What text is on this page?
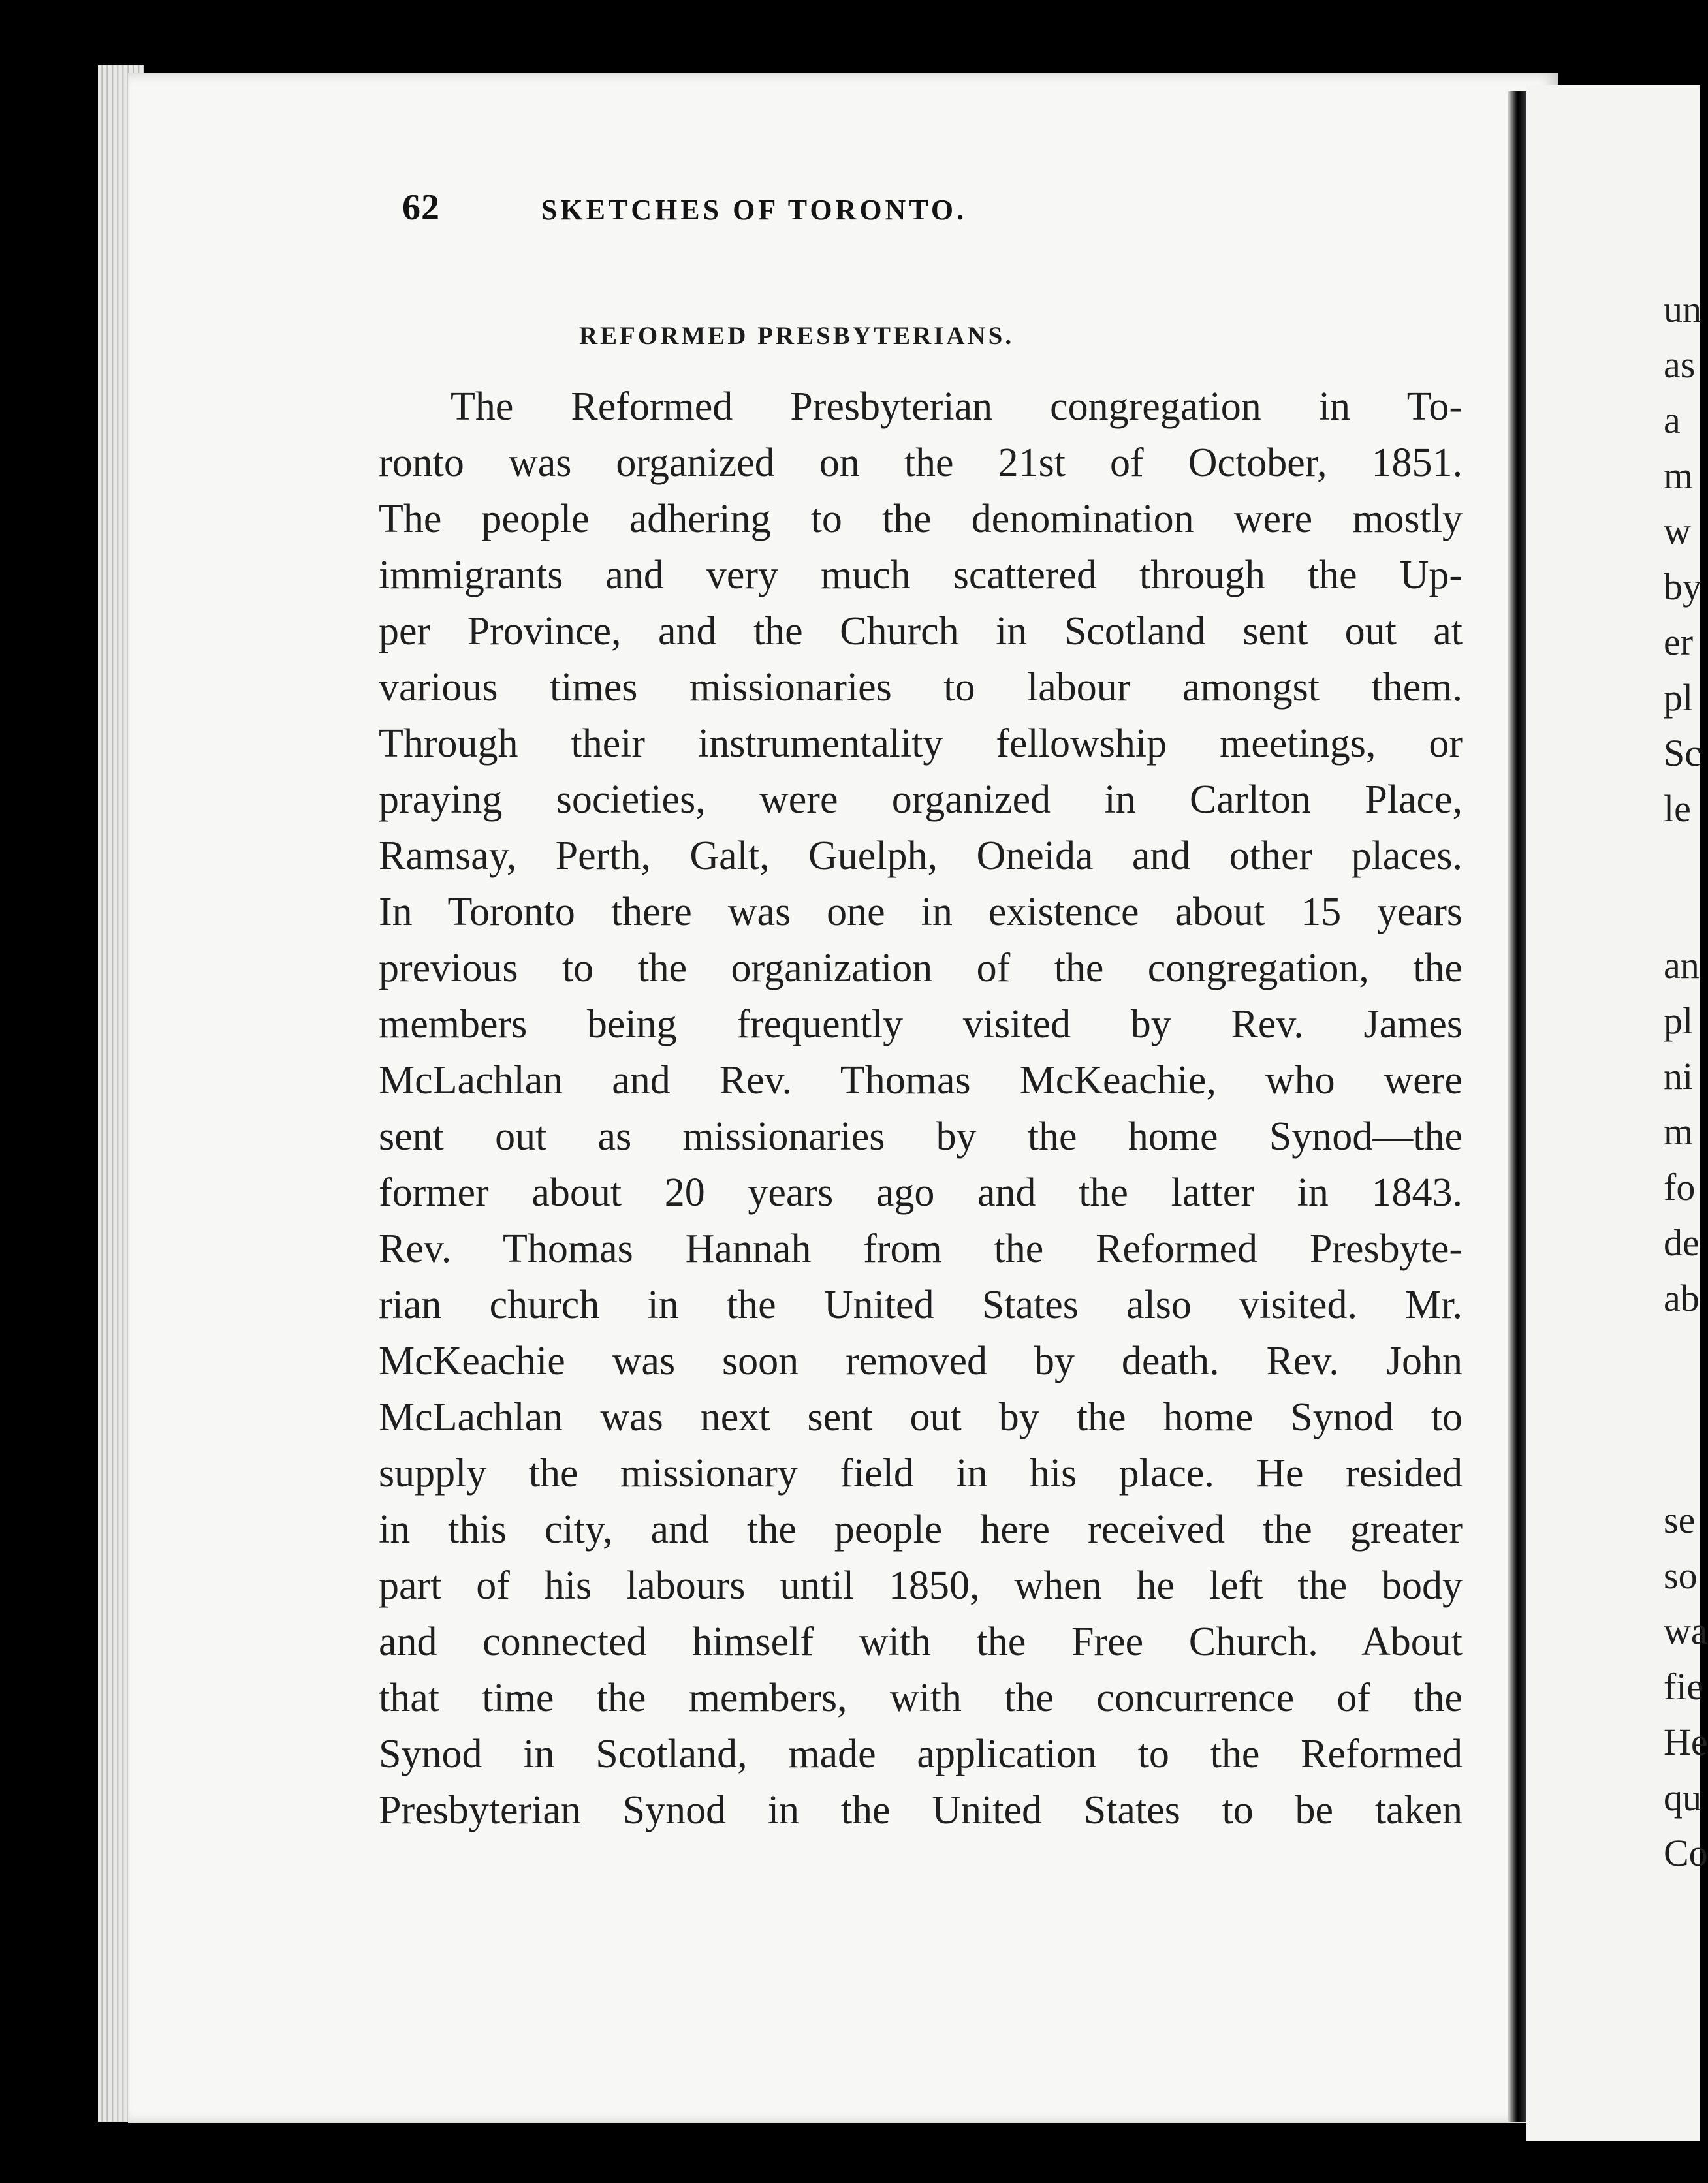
62	SKETCHES OF TORONTO.
REFORMED PRESBYTERIANS.
The Reformed Presbyterian congregation in To-
ronto was organized on the 21st of October, 1851.
The people adhering to the denomination were mostly
immigrants and very much scattered through the Up-
per Province, and the Church in Scotland sent out at
various times missionaries to labour amongst them.
Through their instrumentality fellowship meetings, or
praying societies, were organized in Carlton Place,
Ramsay, Perth, Galt, Guelph, Oneida and other places.
In Toronto there was one in existence about 15 years
previous to the organization of the congregation, the
members being frequently visited by Rev. James
McLachlan and Rev. Thomas McKeachie, who were
sent out as missionaries by the home Synod—the
former about 20 years ago and the latter in 1843.
Rev. Thomas Hannah from the Reformed Presbyte-
rian church in the United States also visited. Mr.
McKeachie was soon removed by death. Rev. John
McLachlan was next sent out by the home Synod to
supply the missionary field in his place. He resided
in this city, and the people here received the greater
part of his labours until 1850, when he left the body
and connected himself with the Free Church. About
that time the members, with the concurrence of the
Synod in Scotland, made application to the Reformed
Presbyterian Synod in the United States to be taken
un
as
a
m
w
by
er
pl
Sc
le
an
pl
ni
m
fo
de
ab
se
so
wa
fie
He
qu
Co
